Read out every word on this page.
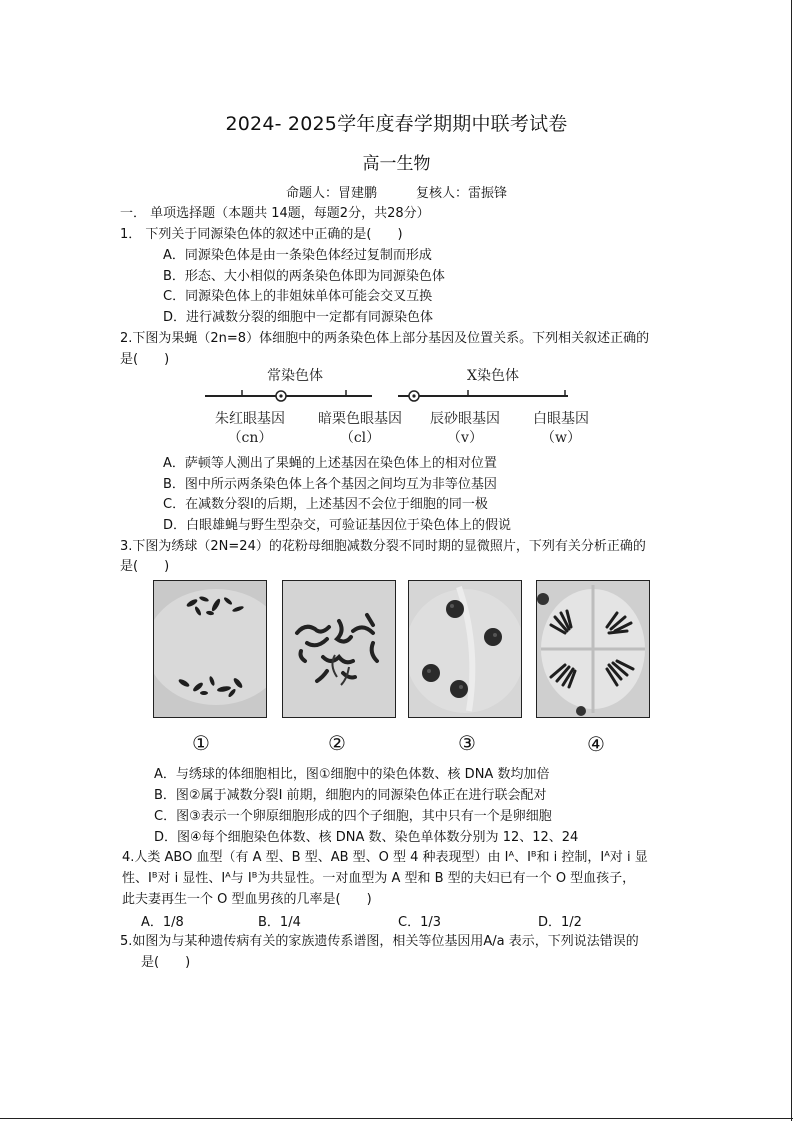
2024- 2025学年度春学期期中联考试卷
高一生物
命题人：冒建鹏　　　复核人：雷振锋
一． 单项选择题（本题共 14题，每题2分，共28分）
1． 下列关于同源染色体的叙述中正确的是(　　)
A．同源染色体是由一条染色体经过复制而形成
B．形态、大小相似的两条染色体即为同源染色体
C．同源染色体上的非姐妹单体可能会交叉互换
D．进行减数分裂的细胞中一定都有同源染色体
2.下图为果蝇（2n=8）体细胞中的两条染色体上部分基因及位置关系。下列相关叙述正确的
是(　　)
常染色体	X染色体
朱红眼基因
（cn）
暗栗色眼基因
（cl）
辰砂眼基因
（v）
白眼基因
（w）
A．萨顿等人测出了果蝇的上述基因在染色体上的相对位置
B．图中所示两条染色体上各个基因之间均互为非等位基因
C．在减数分裂Ⅰ的后期，上述基因不会位于细胞的同一极
D．白眼雄蝇与野生型杂交，可验证基因位于染色体上的假说
3.下图为绣球（2N=24）的花粉母细胞减数分裂不同时期的显微照片，下列有关分析正确的
是(　　)
①	②	③	④
A．与绣球的体细胞相比，图①细胞中的染色体数、核 DNA 数均加倍
B．图②属于减数分裂Ⅰ 前期，细胞内的同源染色体正在进行联会配对
C．图③表示一个卵原细胞形成的四个子细胞，其中只有一个是卵细胞
D．图④每个细胞染色体数、核 DNA 数、染色单体数分别为 12、12、24
4.人类 ABO 血型（有 A 型、B 型、AB 型、O 型 4 种表现型）由 Iᴬ、Iᴮ和 i 控制，Iᴬ对 i 显
性、Iᴮ对 i 显性、Iᴬ与 Iᴮ为共显性。一对血型为 A 型和 B 型的夫妇已有一个 O 型血孩子，
此夫妻再生一个 O 型血男孩的几率是(　　)
A．1/8	B．1/4	C．1/3	D．1/2
5.如图为与某种遗传病有关的家族遗传系谱图，相关等位基因用A/a 表示，下列说法错误的
是(　　)
